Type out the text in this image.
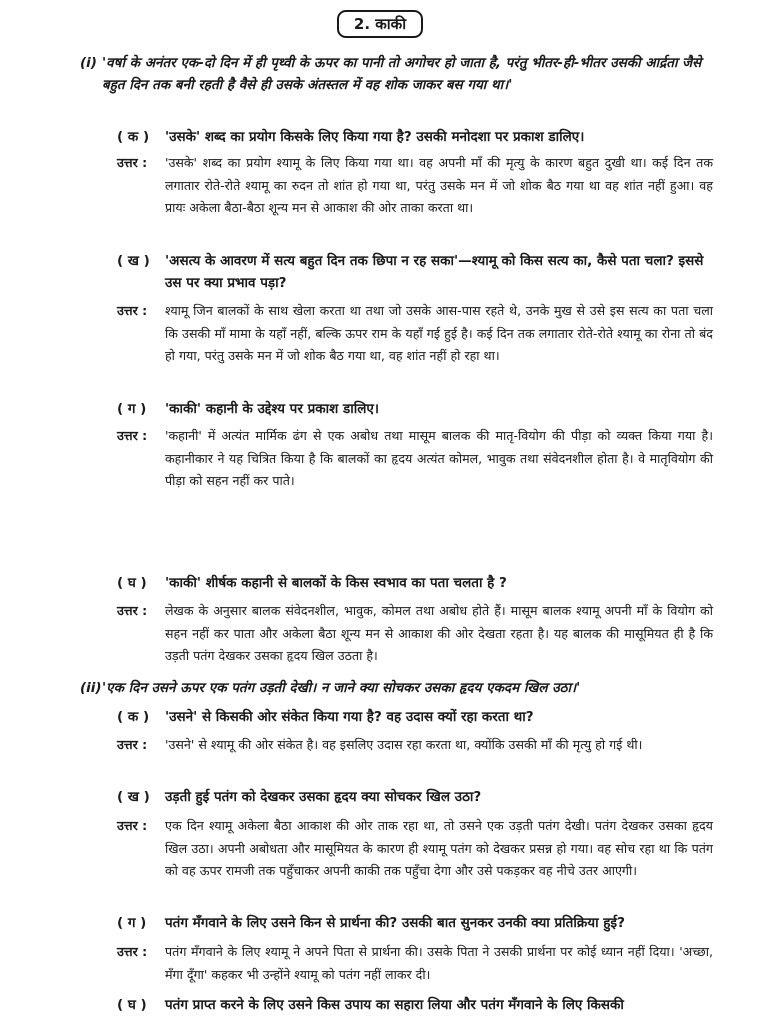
2. काकी
(i) 'वर्षा के अनंतर एक-दो दिन में ही पृथ्वी के ऊपर का पानी तो अगोचर हो जाता है, परंतु भीतर-ही-भीतर उसकी आर्द्रता जैसे बहुत दिन तक बनी रहती है वैसे ही उसके अंतस्तल में वह शोक जाकर बस गया था।'
( क )	'उसके' शब्द का प्रयोग किसके लिए किया गया है? उसकी मनोदशा पर प्रकाश डालिए।
उत्तर :	'उसके' शब्द का प्रयोग श्यामू के लिए किया गया था। वह अपनी माँ की मृत्यु के कारण बहुत दुखी था। कई दिन तक लगातार रोते-रोते श्यामू का रुदन तो शांत हो गया था, परंतु उसके मन में जो शोक बैठ गया था वह शांत नहीं हुआ। वह प्रायः अकेला बैठा-बैठा शून्य मन से आकाश की ओर ताका करता था।
( ख )	'असत्य के आवरण में सत्य बहुत दिन तक छिपा न रह सका'—श्यामू को किस सत्य का, कैसे पता चला? इससे उस पर क्या प्रभाव पड़ा?
उत्तर :	श्यामू जिन बालकों के साथ खेला करता था तथा जो उसके आस-पास रहते थे, उनके मुख से उसे इस सत्य का पता चला कि उसकी माँ मामा के यहाँ नहीं, बल्कि ऊपर राम के यहाँ गई हुई है। कई दिन तक लगातार रोते-रोते श्यामू का रोना तो बंद हो गया, परंतु उसके मन में जो शोक बैठ गया था, वह शांत नहीं हो रहा था।
( ग )	'काकी' कहानी के उद्देश्य पर प्रकाश डालिए।
उत्तर :	'कहानी' में अत्यंत मार्मिक ढंग से एक अबोध तथा मासूम बालक की मातृ-वियोग की पीड़ा को व्यक्त किया गया है। कहानीकार ने यह चित्रित किया है कि बालकों का हृदय अत्यंत कोमल, भावुक तथा संवेदनशील होता है। वे मातृवियोग की पीड़ा को सहन नहीं कर पाते।
( घ )	'काकी' शीर्षक कहानी से बालकों के किस स्वभाव का पता चलता है ?
उत्तर :	लेखक के अनुसार बालक संवेदनशील, भावुक, कोमल तथा अबोध होते हैं। मासूम बालक श्यामू अपनी माँ के वियोग को सहन नहीं कर पाता और अकेला बैठा शून्य मन से आकाश की ओर देखता रहता है। यह बालक की मासूमियत ही है कि उड़ती पतंग देखकर उसका हृदय खिल उठता है।
(ii) 'एक दिन उसने ऊपर एक पतंग उड़ती देखी। न जाने क्या सोचकर उसका हृदय एकदम खिल उठा।'
( क )	'उसने' से किसकी ओर संकेत किया गया है? वह उदास क्यों रहा करता था?
उत्तर :	'उसने' से श्यामू की ओर संकेत है। वह इसलिए उदास रहा करता था, क्योंकि उसकी माँ की मृत्यु हो गई थी।
( ख )	उड़ती हुई पतंग को देखकर उसका हृदय क्या सोचकर खिल उठा?
उत्तर :	एक दिन श्यामू अकेला बैठा आकाश की ओर ताक रहा था, तो उसने एक उड़ती पतंग देखी। पतंग देखकर उसका हृदय खिल उठा। अपनी अबोधता और मासूमियत के कारण ही श्यामू पतंग को देखकर प्रसन्न हो गया। वह सोच रहा था कि पतंग को वह ऊपर रामजी तक पहुँचाकर अपनी काकी तक पहुँचा देगा और उसे पकड़कर वह नीचे उतर आएगी।
( ग )	पतंग मँगवाने के लिए उसने किन से प्रार्थना की? उसकी बात सुनकर उनकी क्या प्रतिक्रिया हुई?
उत्तर :	पतंग मँगवाने के लिए श्यामू ने अपने पिता से प्रार्थना की। उसके पिता ने उसकी प्रार्थना पर कोई ध्यान नहीं दिया। 'अच्छा, मँगा दूँगा' कहकर भी उन्होंने श्यामू को पतंग नहीं लाकर दी।
( घ )	पतंग प्राप्त करने के लिए उसने किस उपाय का सहारा लिया और पतंग मँगवाने के लिए किसकी
